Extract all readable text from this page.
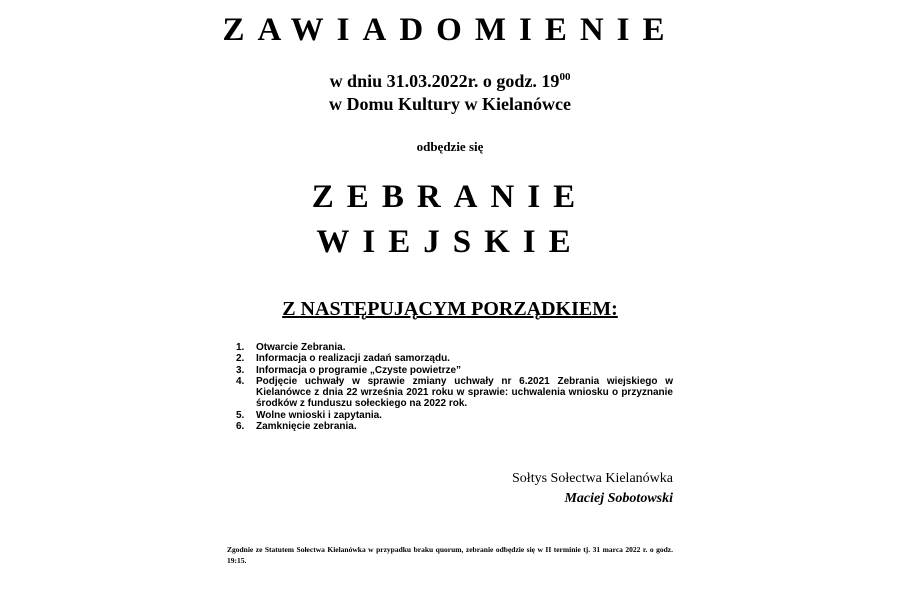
ZAWIADOMIENIE
w dniu 31.03.2022r. o godz. $19^{00}$
w Domu Kultury w Kielanówce
odbędzie się
ZEBRANIE
WIEJSKIE
Z NASTĘPUJĄCYM PORZĄDKIEM:
1. Otwarcie Zebrania.
2. Informacja o realizacji zadań samorządu.
3. Informacja o programie „Czyste powietrze”
4. Podjęcie uchwały w sprawie zmiany uchwały nr 6.2021 Zebrania wiejskiego w Kielanówce z dnia 22 września 2021 roku w sprawie: uchwalenia wniosku o przyznanie środków z funduszu sołeckiego na 2022 rok.
5. Wolne wnioski i zapytania.
6. Zamknięcie zebrania.
Sołtys Sołectwa Kielanówka
Maciej Sobotowski
Zgodnie ze Statutem Sołectwa Kielanówka w przypadku braku quorum, zebranie odbędzie się w II terminie tj. 31 marca 2022 r. o godz. 19:15.
